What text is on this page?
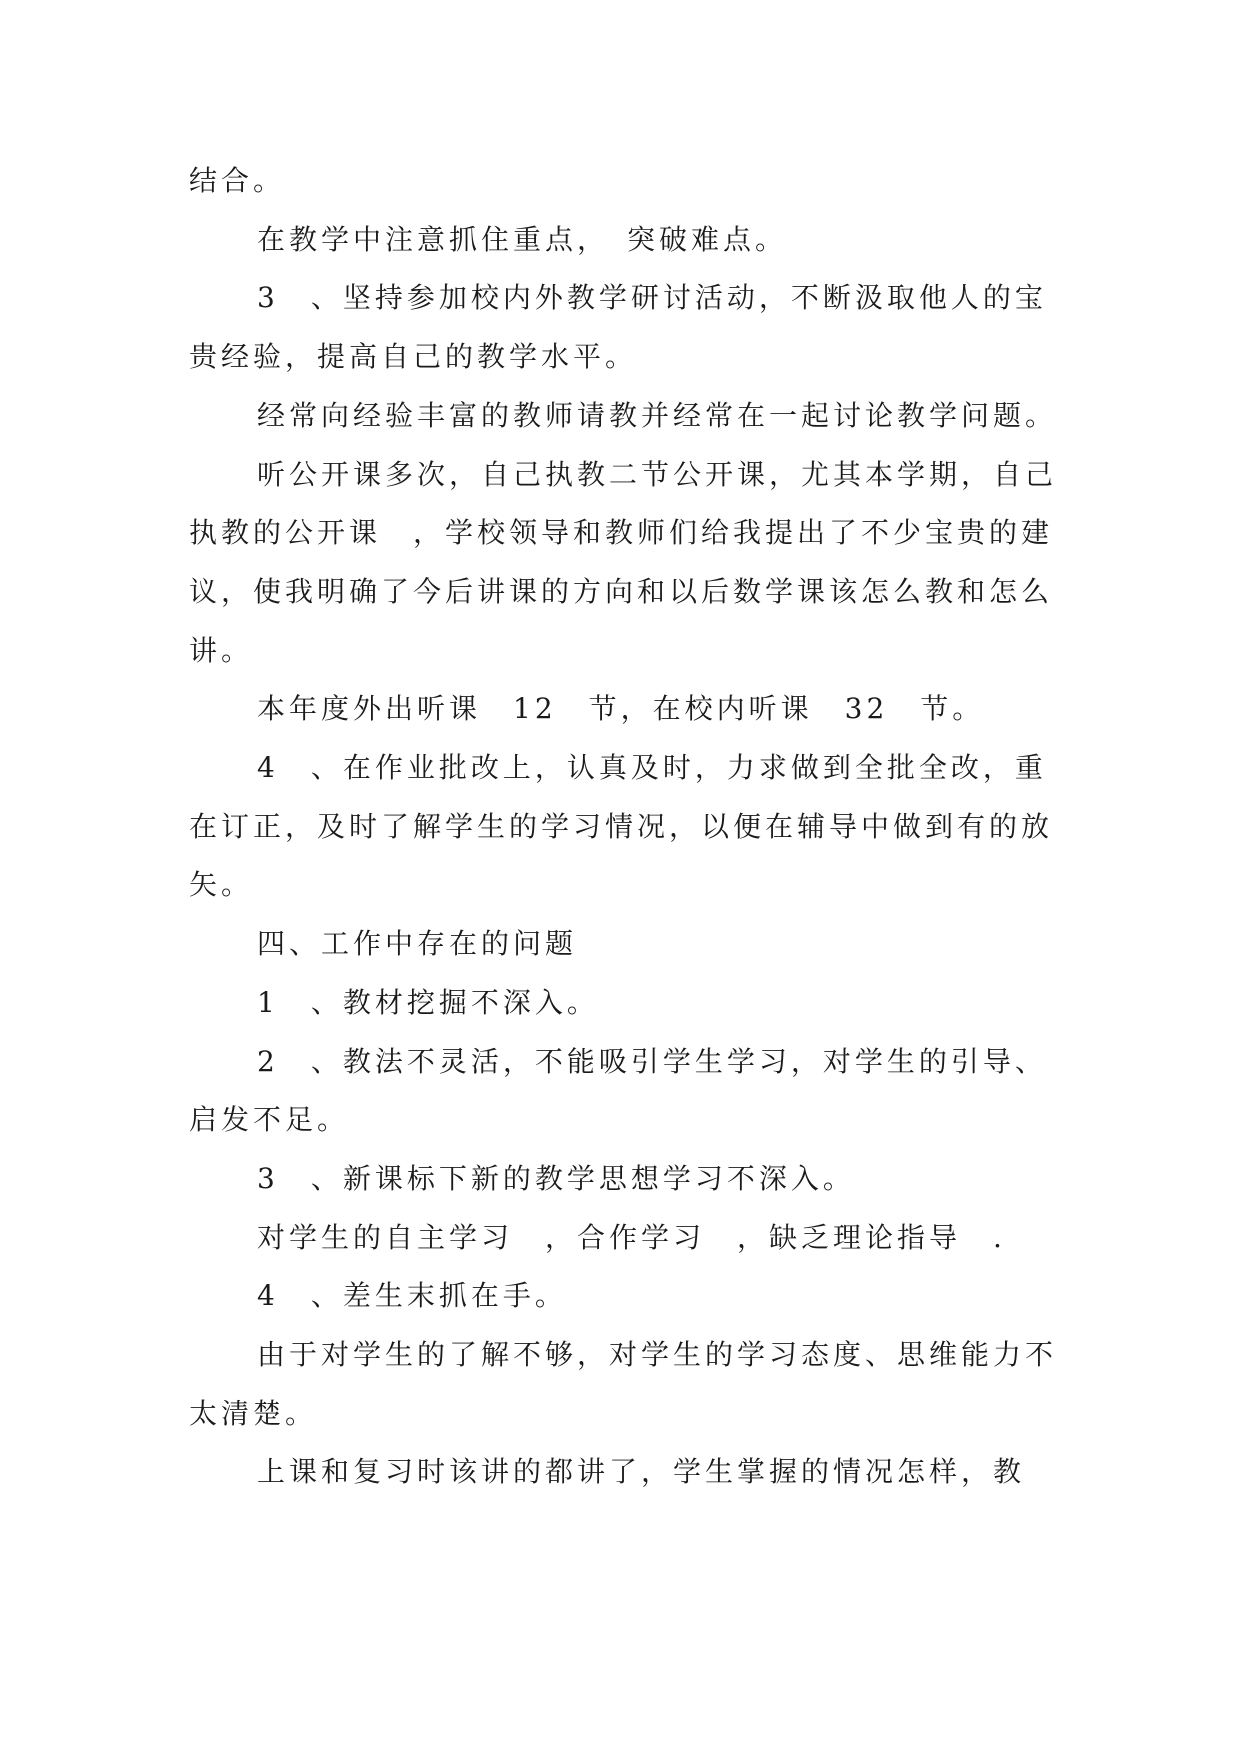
结合。

在教学中注意抓住重点，　突破难点。

3　、坚持参加校内外教学研讨活动，不断汲取他人的宝贵经验，提高自己的教学水平。

经常向经验丰富的教师请教并经常在一起讨论教学问题。

听公开课多次，自己执教二节公开课，尤其本学期，自己执教的公开课　，学校领导和教师们给我提出了不少宝贵的建议，使我明确了今后讲课的方向和以后数学课该怎么教和怎么讲。

本年度外出听课　12　节，在校内听课　32　节。

4　、在作业批改上，认真及时，力求做到全批全改，重在订正，及时了解学生的学习情况，以便在辅导中做到有的放矢。

四、工作中存在的问题

1　、教材挖掘不深入。

2　、教法不灵活，不能吸引学生学习，对学生的引导、启发不足。

3　、新课标下新的教学思想学习不深入。

对学生的自主学习　，合作学习　，缺乏理论指导　.

4　、差生末抓在手。

由于对学生的了解不够，对学生的学习态度、思维能力不太清楚。

上课和复习时该讲的都讲了，学生掌握的情况怎样，教
